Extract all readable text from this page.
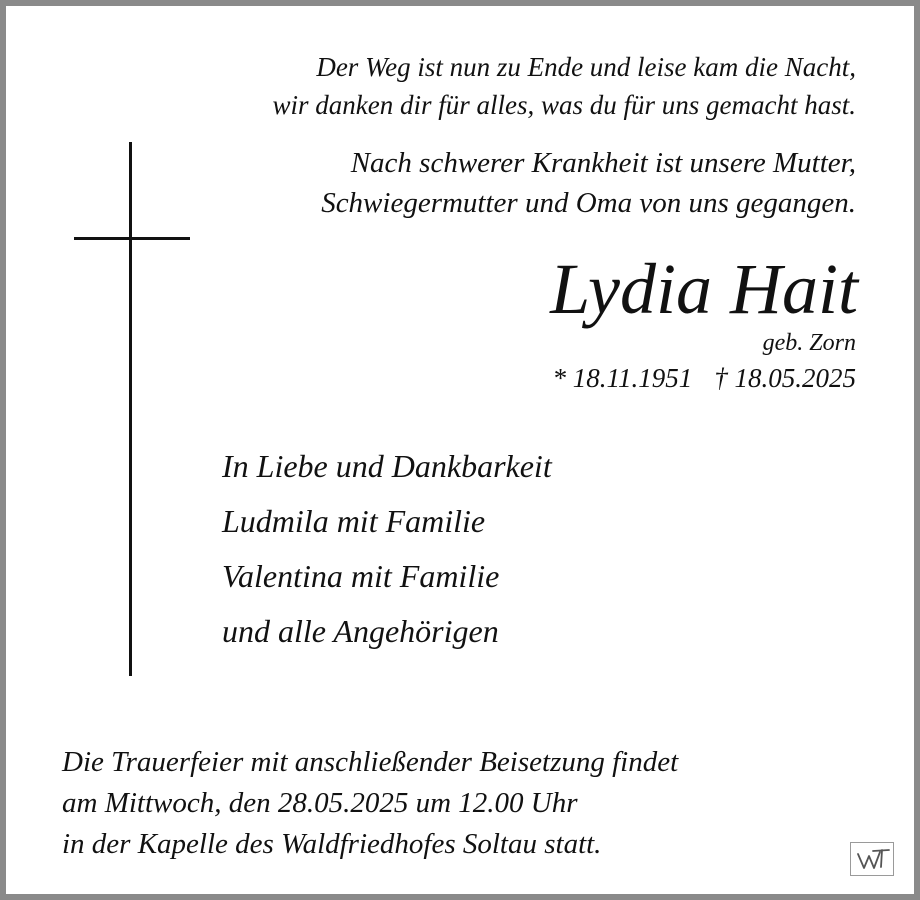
Der Weg ist nun zu Ende und leise kam die Nacht,
wir danken dir für alles, was du für uns gemacht hast.
Nach schwerer Krankheit ist unsere Mutter,
Schwiegermutter und Oma von uns gegangen.
Lydia Hait
geb. Zorn
* 18.11.1951 † 18.05.2025
In Liebe und Dankbarkeit
Ludmila mit Familie
Valentina mit Familie
und alle Angehörigen
Die Trauerfeier mit anschließender Beisetzung findet
am Mittwoch, den 28.05.2025 um 12.00 Uhr
in der Kapelle des Waldfriedhofes Soltau statt.
